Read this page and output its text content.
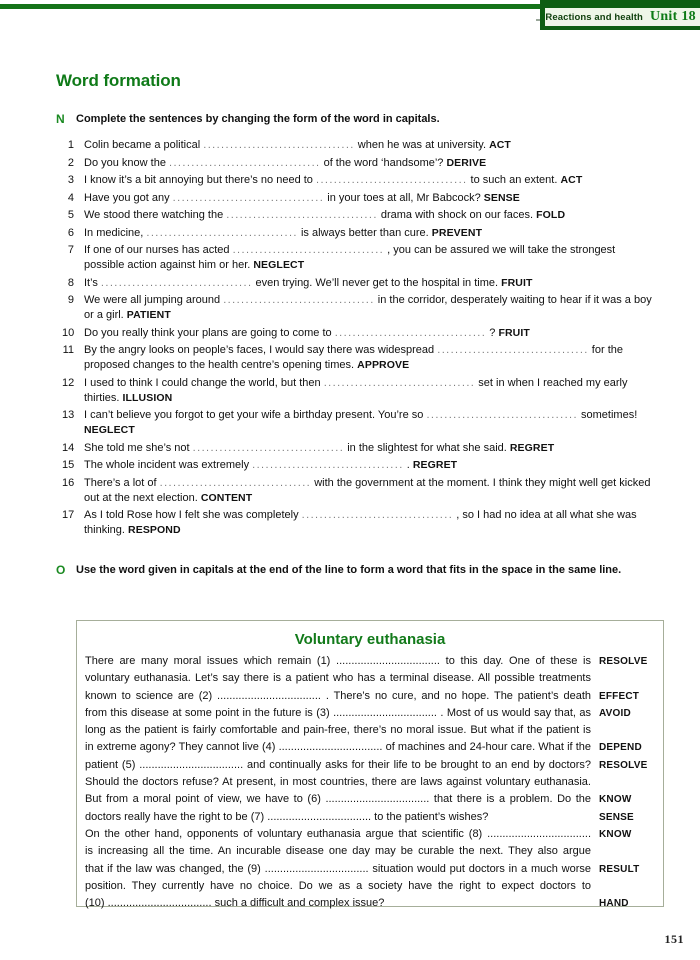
Reactions and health Unit 18
Word formation
N	Complete the sentences by changing the form of the word in capitals.
1 Colin became a political .................................. when he was at university. ACT
2 Do you know the .................................. of the word ‘handsome’? DERIVE
3 I know it’s a bit annoying but there’s no need to .................................. to such an extent. ACT
4 Have you got any .................................. in your toes at all, Mr Babcock? SENSE
5 We stood there watching the .................................. drama with shock on our faces. FOLD
6 In medicine, .................................. is always better than cure. PREVENT
7 If one of our nurses has acted .................................. , you can be assured we will take the strongest possible action against him or her. NEGLECT
8 It’s .................................. even trying. We’ll never get to the hospital in time. FRUIT
9 We were all jumping around .................................. in the corridor, desperately waiting to hear if it was a boy or a girl. PATIENT
10 Do you really think your plans are going to come to .................................. ? FRUIT
11 By the angry looks on people’s faces, I would say there was widespread .................................. for the proposed changes to the health centre’s opening times. APPROVE
12 I used to think I could change the world, but then .................................. set in when I reached my early thirties. ILLUSION
13 I can’t believe you forgot to get your wife a birthday present. You’re so .................................. sometimes! NEGLECT
14 She told me she’s not .................................. in the slightest for what she said. REGRET
15 The whole incident was extremely .................................. . REGRET
16 There’s a lot of .................................. with the government at the moment. I think they might well get kicked out at the next election. CONTENT
17 As I told Rose how I felt she was completely .................................. , so I had no idea at all what she was thinking. RESPOND
O Use the word given in capitals at the end of the line to form a word that fits in the space in the same line.
Voluntary euthanasia
There are many moral issues which remain (1) .................................. to this day. One of these is RESOLVE
voluntary euthanasia. Let’s say there is a patient who has a terminal disease. All possible treatments
known to science are (2) .................................. . There’s no cure, and no hope. The patient’s death EFFECT
from this disease at some point in the future is (3) .................................. . Most of us would say that, as AVOID
long as the patient is fairly comfortable and pain-free, there’s no moral issue. But what if the patient is
in extreme agony? They cannot live (4) .................................. of machines and 24-hour care. What if the DEPEND
patient (5) .................................. and continually asks for their life to be brought to an end by doctors? RESOLVE
Should the doctors refuse? At present, in most countries, there are laws against voluntary euthanasia.
But from a moral point of view, we have to (6) .................................. that there is a problem. Do the KNOW
doctors really have the right to be (7) .................................. to the patient’s wishes?	SENSE
On the other hand, opponents of voluntary euthanasia argue that scientific (8) .................................. KNOW
is increasing all the time. An incurable disease one day may be curable the next. They also argue
that if the law was changed, the (9) .................................. situation would put doctors in a much worse RESULT
position. They currently have no choice. Do we as a society have the right to expect doctors to
(10) .................................. such a difficult and complex issue?	HAND
151
